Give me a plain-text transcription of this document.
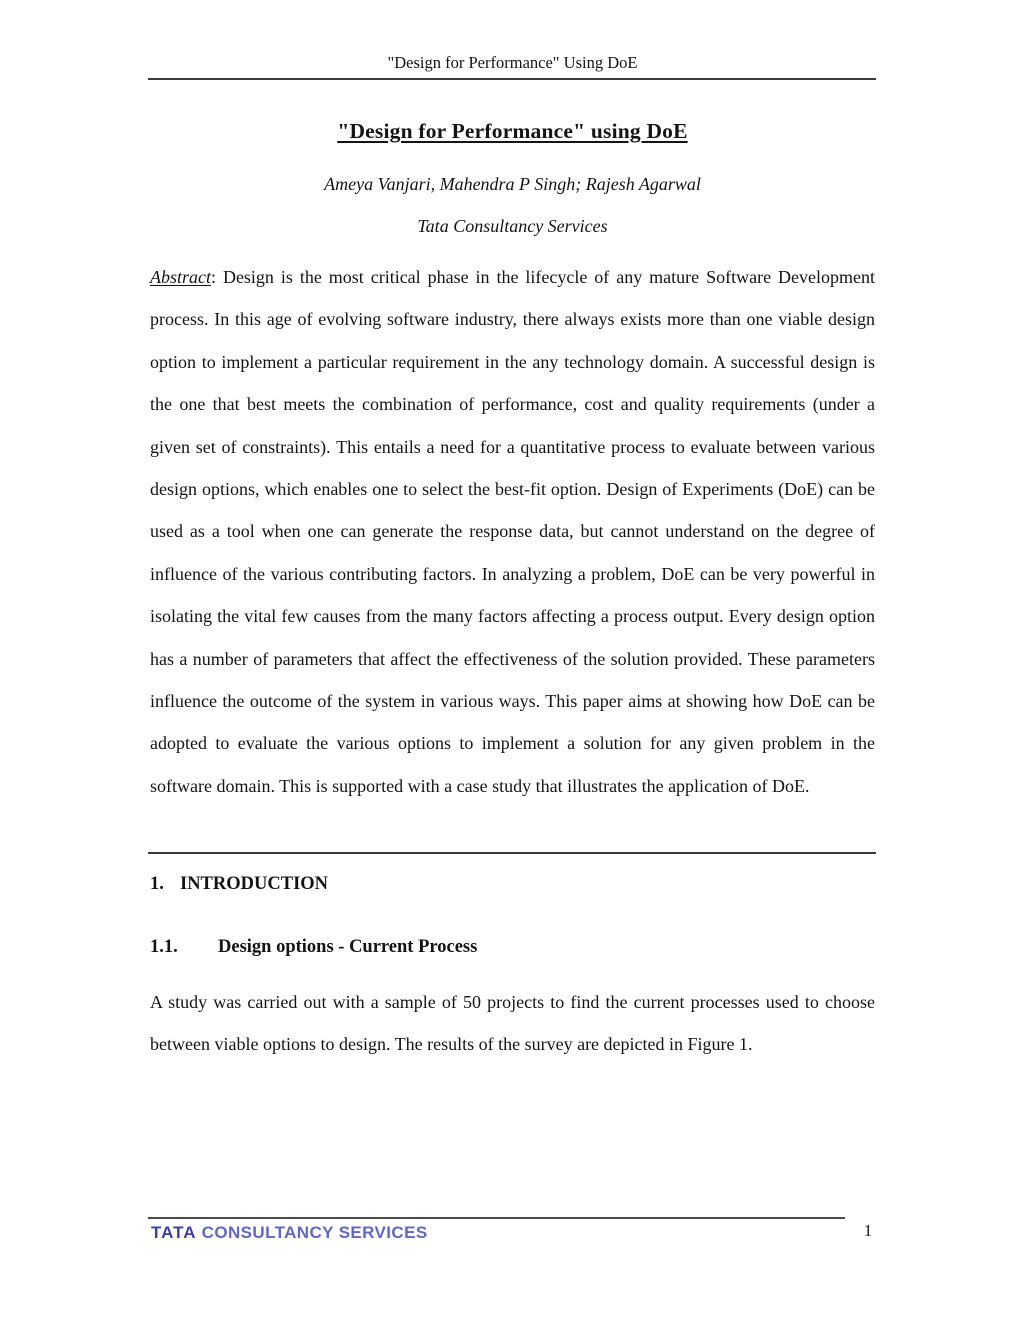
"Design for Performance" Using DoE
"Design for Performance" using DoE
Ameya Vanjari, Mahendra P Singh; Rajesh Agarwal
Tata Consultancy Services
Abstract: Design is the most critical phase in the lifecycle of any mature Software Development process. In this age of evolving software industry, there always exists more than one viable design option to implement a particular requirement in the any technology domain. A successful design is the one that best meets the combination of performance, cost and quality requirements (under a given set of constraints). This entails a need for a quantitative process to evaluate between various design options, which enables one to select the best-fit option. Design of Experiments (DoE) can be used as a tool when one can generate the response data, but cannot understand on the degree of influence of the various contributing factors. In analyzing a problem, DoE can be very powerful in isolating the vital few causes from the many factors affecting a process output. Every design option has a number of parameters that affect the effectiveness of the solution provided. These parameters influence the outcome of the system in various ways. This paper aims at showing how DoE can be adopted to evaluate the various options to implement a solution for any given problem in the software domain. This is supported with a case study that illustrates the application of DoE.
1. INTRODUCTION
1.1.	Design options - Current Process
A study was carried out with a sample of 50 projects to find the current processes used to choose between viable options to design. The results of the survey are depicted in Figure 1.
TATA CONSULTANCY SERVICES	1
